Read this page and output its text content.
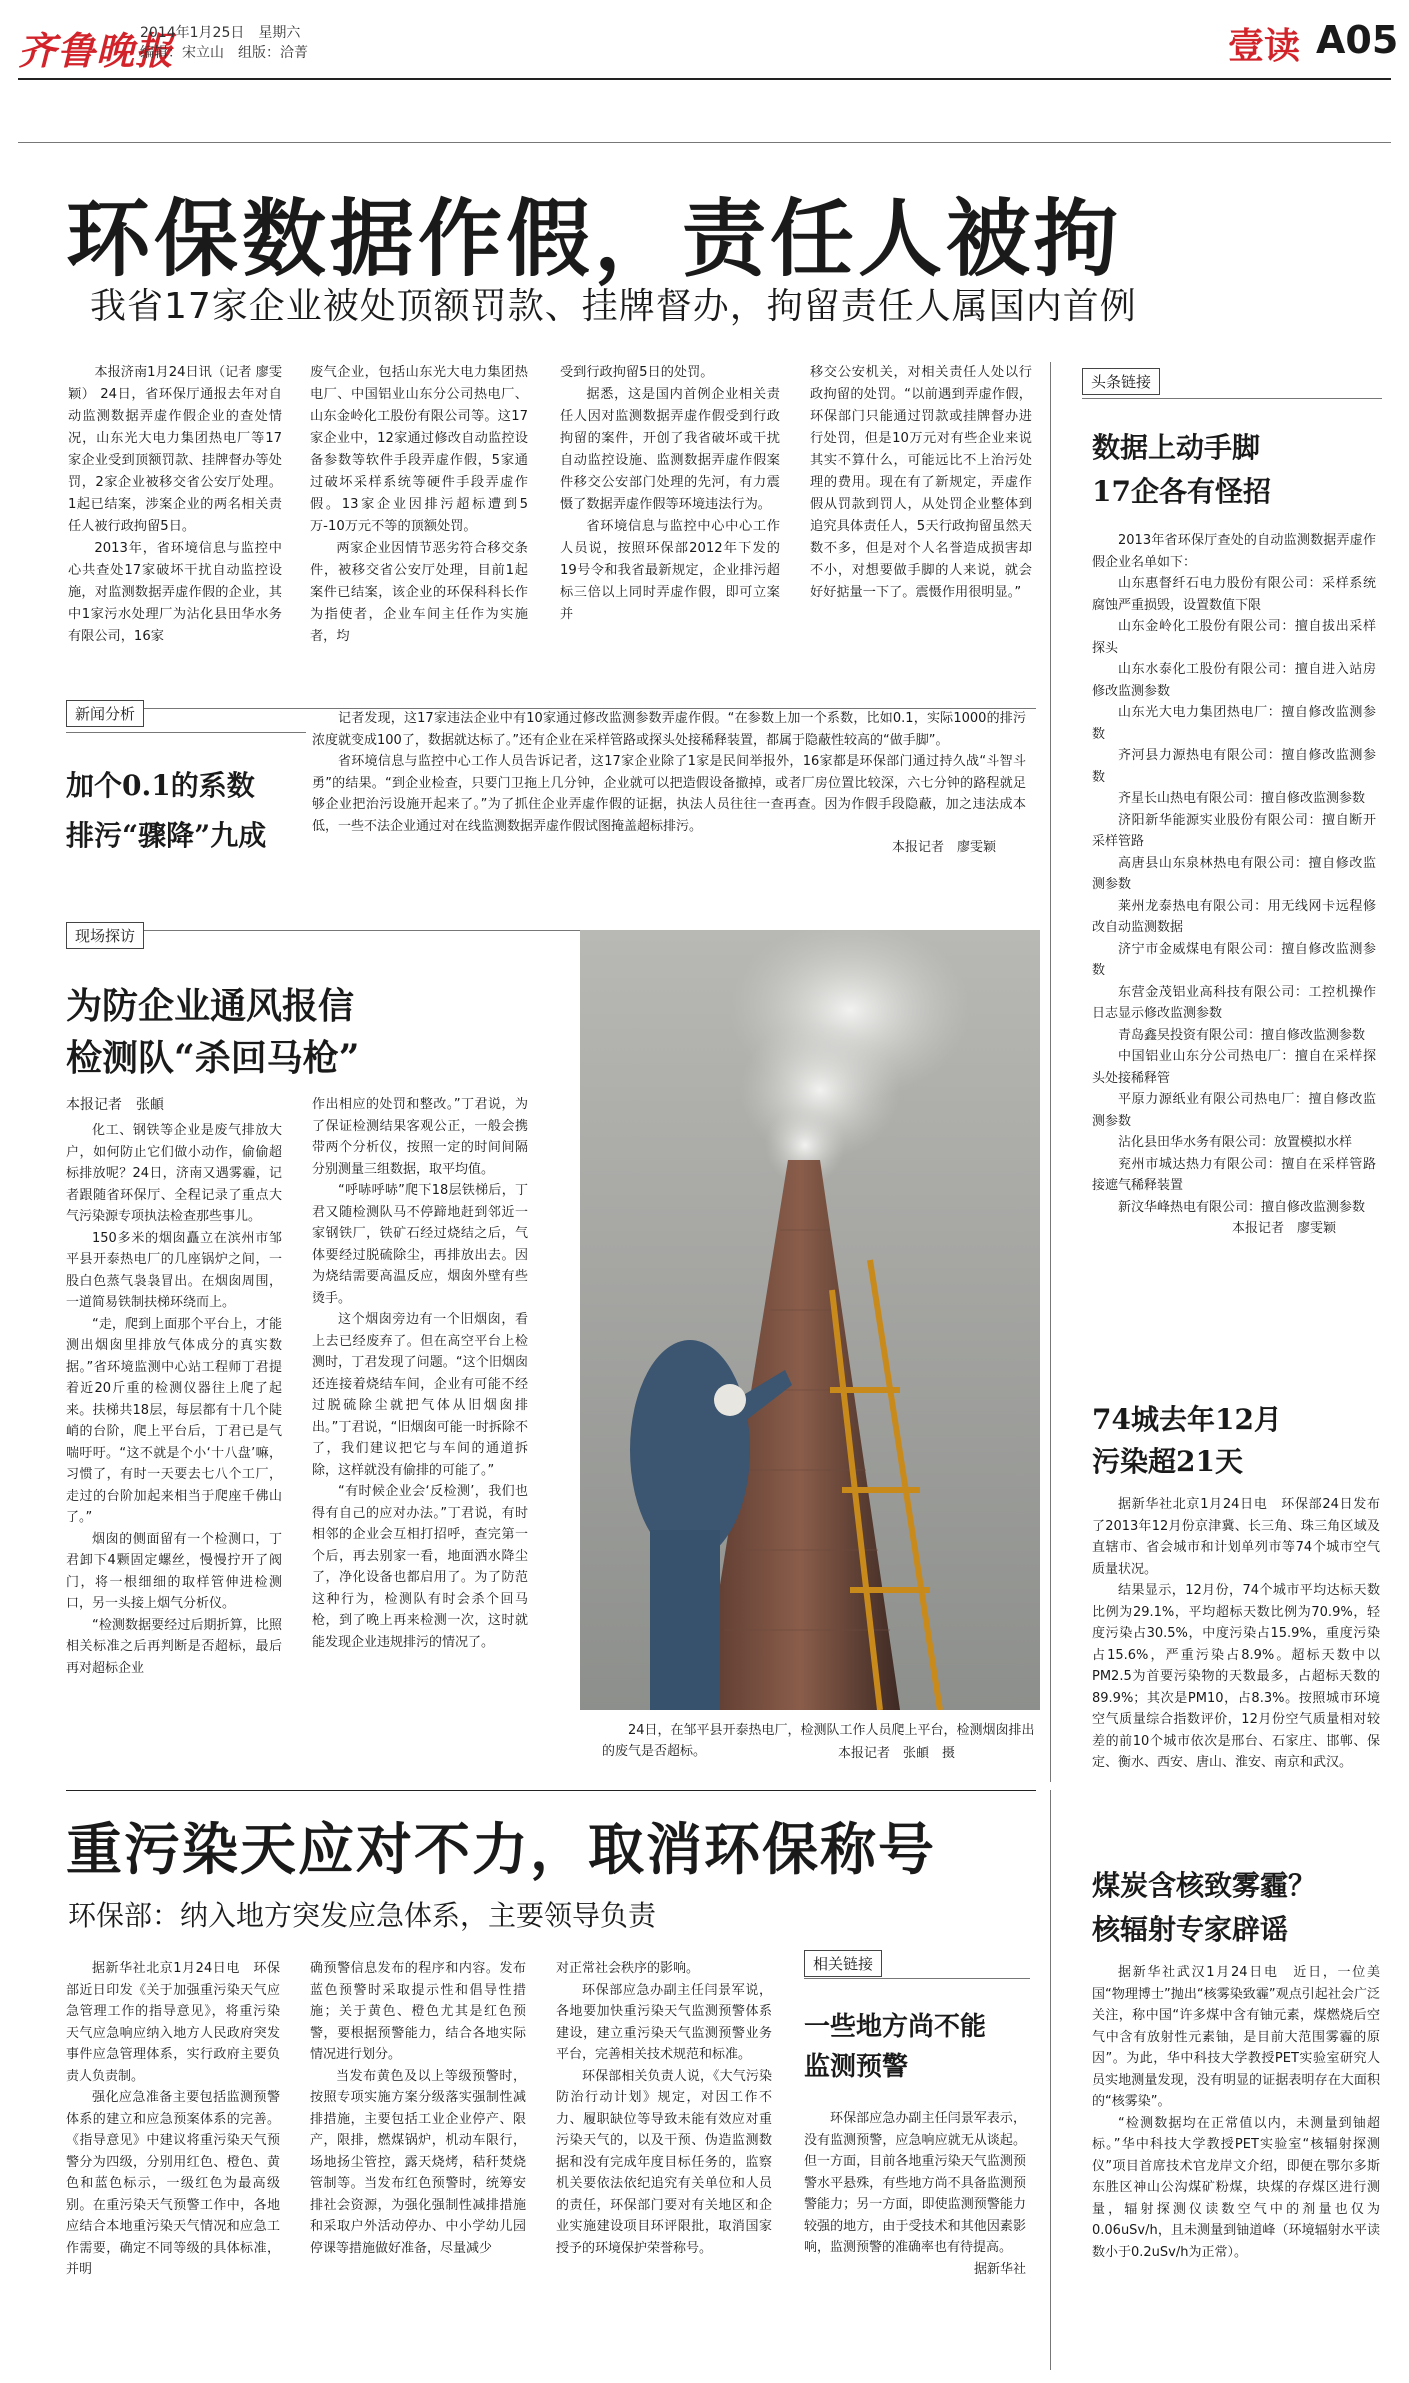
齐鲁晚报
2014年1月25日　星期六
编辑：宋立山　组版：洽菁	壹读 A05
环保数据作假，责任人被拘
我省17家企业被处顶额罚款、挂牌督办，拘留责任人属国内首例

本报济南1月24日讯（记者 廖雯颖） 24日，省环保厅通报去年对自动监测数据弄虚作假企业的查处情况，山东光大电力集团热电厂等17家企业受到顶额罚款、挂牌督办等处罚，2家企业被移交省公安厅处理。1起已结案，涉案企业的两名相关责任人被行政拘留5日。

2013年，省环境信息与监控中心共查处17家破坏干扰自动监控设施，对监测数据弄虚作假的企业，其中1家污水处理厂为沾化县田华水务有限公司，16家

废气企业，包括山东光大电力集团热电厂、中国铝业山东分公司热电厂、山东金岭化工股份有限公司等。这17家企业中，12家通过修改自动监控设备参数等软件手段弄虚作假，5家通过破坏采样系统等硬件手段弄虚作假。13家企业因排污超标遭到5万-10万元不等的顶额处罚。

两家企业因情节恶劣符合移交条件，被移交省公安厅处理，目前1起案件已结案，该企业的环保科科长作为指使者，企业车间主任作为实施者，均

受到行政拘留5日的处罚。

据悉，这是国内首例企业相关责任人因对监测数据弄虚作假受到行政拘留的案件，开创了我省破坏或干扰自动监控设施、监测数据弄虚作假案件移交公安部门处理的先河，有力震慑了数据弄虚作假等环境违法行为。

省环境信息与监控中心中心工作人员说，按照环保部2012年下发的19号令和我省最新规定，企业排污超标三倍以上同时弄虚作假，即可立案并

移交公安机关，对相关责任人处以行政拘留的处罚。“以前遇到弄虚作假，环保部门只能通过罚款或挂牌督办进行处罚，但是10万元对有些企业来说其实不算什么，可能远比不上治污处理的费用。现在有了新规定，弄虚作假从罚款到罚人，从处罚企业整体到追究具体责任人，5天行政拘留虽然天数不多，但是对个人名誉造成损害却不小，对想要做手脚的人来说，就会好好掂量一下了。震慑作用很明显。”

头条链接
数据上动手脚
17企各有怪招

2013年省环保厅查处的自动监测数据弄虚作假企业名单如下：

山东惠督纤石电力股份有限公司：采样系统腐蚀严重损毁，设置数值下限

山东金岭化工股份有限公司：擅自拔出采样探头

山东水泰化工股份有限公司：擅自进入站房修改监测参数

山东光大电力集团热电厂：擅自修改监测参数

齐河县力源热电有限公司：擅自修改监测参数

齐星长山热电有限公司：擅自修改监测参数

济阳新华能源实业股份有限公司：擅自断开采样管路

高唐县山东泉林热电有限公司：擅自修改监测参数

莱州龙泰热电有限公司：用无线网卡远程修改自动监测数据

济宁市金威煤电有限公司：擅自修改监测参数

东营金茂铝业高科技有限公司：工控机操作日志显示修改监测参数

青岛鑫旲投资有限公司：擅自修改监测参数

中国铝业山东分公司热电厂：擅自在采样探头处接稀释管

平原力源纸业有限公司热电厂：擅自修改监测参数

沾化县田华水务有限公司：放置模拟水样

兖州市城达热力有限公司：擅自在采样管路接遮气稀释装置

新汶华峰热电有限公司：擅自修改监测参数

本报记者　廖雯颖

新闻分析
加个0.1的系数
排污“骤降”九成

记者发现，这17家违法企业中有10家通过修改监测参数弄虚作假。“在参数上加一个系数，比如0.1，实际1000的排污浓度就变成100了，数据就达标了。”还有企业在采样管路或探头处接稀释装置，都属于隐蔽性较高的“做手脚”。

省环境信息与监控中心工作人员告诉记者，这17家企业除了1家是民间举报外，16家都是环保部门通过持久战“斗智斗勇”的结果。“到企业检查，只要门卫拖上几分钟，企业就可以把造假设备撤掉，或者厂房位置比较深，六七分钟的路程就足够企业把治污设施开起来了。”为了抓住企业弄虚作假的证据，执法人员往往一查再查。因为作假手段隐蔽，加之违法成本低，一些不法企业通过对在线监测数据弄虚作假试图掩盖超标排污。

本报记者　廖雯颖

现场探访
为防企业通风报信
检测队“杀回马枪”
本报记者　张頔

化工、钢铁等企业是废气排放大户，如何防止它们做小动作，偷偷超标排放呢？24日，济南又遇雾霾，记者跟随省环保厅、全程记录了重点大气污染源专项执法检查那些事儿。

150多米的烟囱矗立在滨州市邹平县开泰热电厂的几座锅炉之间，一股白色蒸气袅袅冒出。在烟囱周围，一道简易铁制扶梯环绕而上。

“走，爬到上面那个平台上，才能测出烟囱里排放气体成分的真实数据。”省环境监测中心站工程师丁君提着近20斤重的检测仪器往上爬了起来。扶梯共18层，每层都有十几个陡峭的台阶，爬上平台后，丁君已是气喘吁吁。“这不就是个小‘十八盘’嘛，习惯了，有时一天要去七八个工厂，走过的台阶加起来相当于爬座千佛山了。”

烟囱的侧面留有一个检测口，丁君卸下4颗固定螺丝，慢慢拧开了阀门，将一根细细的取样管伸进检测口，另一头接上烟气分析仪。

“检测数据要经过后期折算，比照相关标准之后再判断是否超标，最后再对超标企业

作出相应的处罚和整改。”丁君说，为了保证检测结果客观公正，一般会携带两个分析仪，按照一定的时间间隔分别测量三组数据，取平均值。

“呼哧呼哧”爬下18层铁梯后，丁君又随检测队马不停蹄地赶到邻近一家钢铁厂，铁矿石经过烧结之后，气体要经过脱硫除尘，再排放出去。因为烧结需要高温反应，烟囱外壁有些烫手。

这个烟囱旁边有一个旧烟囱，看上去已经废弃了。但在高空平台上检测时，丁君发现了问题。“这个旧烟囱还连接着烧结车间，企业有可能不经过脱硫除尘就把气体从旧烟囱排出。”丁君说，“旧烟囱可能一时拆除不了，我们建议把它与车间的通道拆除，这样就没有偷排的可能了。”

“有时候企业会‘反检测’，我们也得有自己的应对办法。”丁君说，有时相邻的企业会互相打招呼，查完第一个后，再去别家一看，地面洒水降尘了，净化设备也都启用了。为了防范这种行为，检测队有时会杀个回马枪，到了晚上再来检测一次，这时就能发现企业违规排污的情况了。

24日，在邹平县开泰热电厂，检测队工作人员爬上平台，检测烟囱排出的废气是否超标。	本报记者　张頔　摄
74城去年12月
污染超21天

据新华社北京1月24日电　环保部24日发布了2013年12月份京津冀、长三角、珠三角区域及直辖市、省会城市和计划单列市等74个城市空气质量状况。

结果显示，12月份，74个城市平均达标天数比例为29.1%，平均超标天数比例为70.9%，轻度污染占30.5%，中度污染占15.9%，重度污染占15.6%，严重污染占8.9%。超标天数中以PM2.5为首要污染物的天数最多，占超标天数的89.9%；其次是PM10，占8.3%。按照城市环境空气质量综合指数评价，12月份空气质量相对较差的前10个城市依次是邢台、石家庄、邯郸、保定、衡水、西安、唐山、淮安、南京和武汉。

重污染天应对不力，取消环保称号
环保部：纳入地方突发应急体系，主要领导负责

据新华社北京1月24日电　环保部近日印发《关于加强重污染天气应急管理工作的指导意见》，将重污染天气应急响应纳入地方人民政府突发事件应急管理体系，实行政府主要负责人负责制。

强化应急准备主要包括监测预警体系的建立和应急预案体系的完善。《指导意见》中建议将重污染天气预警分为四级，分别用红色、橙色、黄色和蓝色标示，一级红色为最高级别。在重污染天气预警工作中，各地应结合本地重污染天气情况和应急工作需要，确定不同等级的具体标准，并明

确预警信息发布的程序和内容。发布蓝色预警时采取提示性和倡导性措施；关于黄色、橙色尤其是红色预警，要根据预警能力，结合各地实际情况进行划分。

当发布黄色及以上等级预警时，按照专项实施方案分级落实强制性减排措施，主要包括工业企业停产、限产，限排，燃煤锅炉，机动车限行，场地扬尘管控，露天烧烤，秸秆焚烧管制等。当发布红色预警时，统筹安排社会资源，为强化强制性减排措施和采取户外活动停办、中小学幼儿园停课等措施做好准备，尽量减少

对正常社会秩序的影响。

环保部应急办副主任闫景军说，各地要加快重污染天气监测预警体系建设，建立重污染天气监测预警业务平台，完善相关技术规范和标准。

环保部相关负责人说，《大气污染防治行动计划》规定，对因工作不力、履职缺位等导致未能有效应对重污染天气的，以及干预、伪造监测数据和没有完成年度目标任务的，监察机关要依法依纪追究有关单位和人员的责任，环保部门要对有关地区和企业实施建设项目环评限批，取消国家授予的环境保护荣誉称号。

相关链接
一些地方尚不能
监测预警

环保部应急办副主任闫景军表示，没有监测预警，应急响应就无从谈起。但一方面，目前各地重污染天气监测预警水平悬殊，有些地方尚不具备监测预警能力；另一方面，即使监测预警能力较强的地方，由于受技术和其他因素影响，监测预警的准确率也有待提高。

据新华社

煤炭含核致雾霾？
核辐射专家辟谣

据新华社武汉1月24日电　近日，一位美国“物理博士”抛出“核雾染致霾”观点引起社会广泛关注，称中国“许多煤中含有铀元素，煤燃烧后空气中含有放射性元素铀，是目前大范围雾霾的原因”。为此，华中科技大学教授PET实验室研究人员实地测量发现，没有明显的证据表明存在大面积的“核雾染”。

“检测数据均在正常值以内，未测量到铀超标。”华中科技大学教授PET实验室“核辐射探测仪”项目首席技术官龙岸文介绍，即便在鄂尔多斯东胜区神山公沟煤矿粉煤，块煤的存煤区进行测量，辐射探测仪读数空气中的剂量也仅为0.06uSv/h，且未测量到铀道峰（环境辐射水平读数小于0.2uSv/h为正常）。
